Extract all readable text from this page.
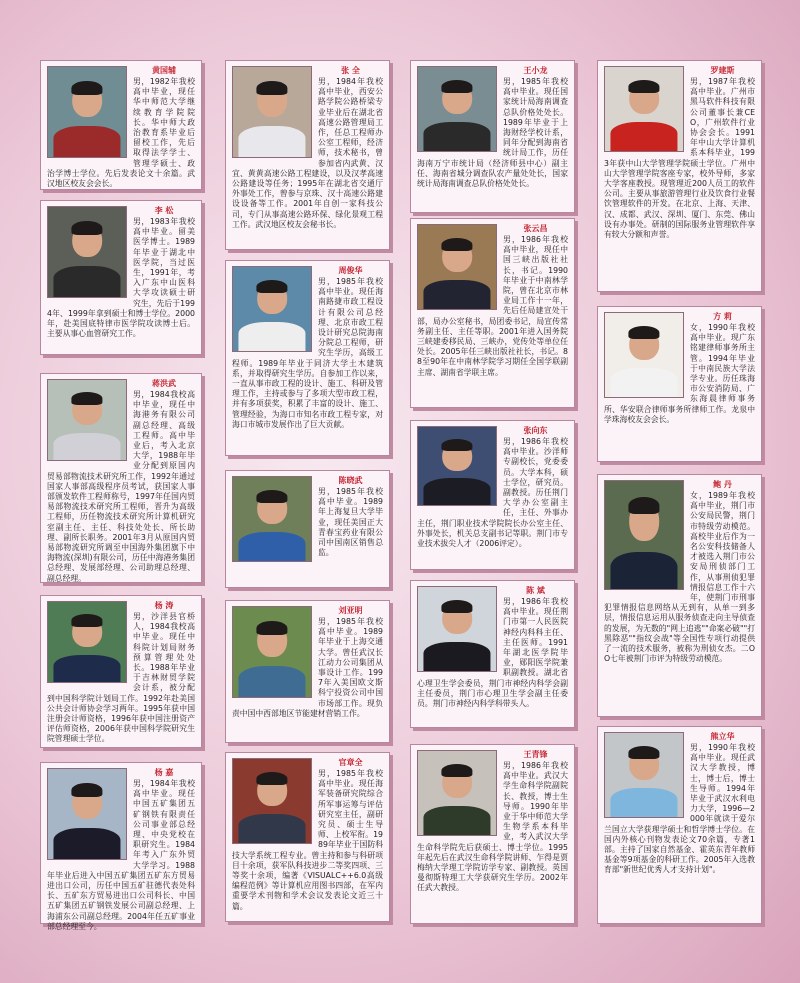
黄国辅

男，1982年我校高中毕业，现任华中师范大学继续教育学院院长。华中师大政治教育系毕业后留校工作，先后取得法学学士、管理学硕士、政治学博士学位。先后发表论文十余篇。武汉地区校友会会长。

李 松

男，1983年我校高中毕业。留美医学博士。1989年毕业于湖北中医学院，当过医生，1991年，考入广东中山医科大学攻读硕士研究生，先后于1994年、1999年拿到硕士和博士学位。2000年，赴美国底特律市医学院攻读博士后。主要从事心血管研究工作。

蒋洪武

男，1984我校高中毕业，现任中海港务有限公司副总经理、高级工程师。高中毕业后，考入北京大学，1988年毕业分配到原国内贸易部物流技术研究所工作，1992年通过国家人事部高级程序员考试，获国家人事部颁发软件工程师称号，1997年任国内贸易部物流技术研究所工程师，晋升为高级工程师，历任物流技术研究所计算机研究室副主任、主任、科技处处长、所长助理、副所长职务。2001年3月从原国内贸易部物流研究所调至中国海外集团旗下中海物流(深圳)有限公司，历任中海港务集团总经理、发展部经理、公司助理总经理、副总经理。

杨 涛

男，沙洋县官桥人，1984我校高中毕业。现任中科院计划局财务预算管理处处长。1988年毕业于吉林财贸学院会计系，被分配到中国科学院计划局工作。1992年赴美国公共会计师协会学习两年。1995年获中国注册会计师资格，1996年获中国注册资产评估师资格，2006年获中国科学院研究生院管理硕士学位。

杨 嘉

男，1984年我校高中毕业。现任中国五矿集团五矿钢铁有限责任公司事业部总经理、中央党校在职研究生。1984年考入广东外贸大学学习。1988年毕业后进入中国五矿集团五矿东方贸易进出口公司，历任中国五矿驻德代表处科长、五矿东方贸易进出口公司科长、中国五矿集团五矿钢铁发展公司副总经理、上海浦东公司副总经理。2004年任五矿事业部总经理至今。

张 全

男，1984年我校高中毕业，西安公路学院公路桥梁专业毕业后在湖北省高速公路管理局工作，任总工程师办公室工程师，经济师，技术秘书，曾参加省内武黄、汉宜、黄黄高速公路工程建设，以及汉孝高速公路建设等任务；1995年在湖北省交通厅外事处工作，曾参与京珠、汉十高速公路建设设备等工作。2001年自创一家科技公司，专门从事高速公路环保、绿化景观工程工作。武汉地区校友会秘书长。

周俊华

男，1985年我校高中毕业。现任海南路捷市政工程设计有限公司总经理、北京市政工程设计研究总院海南分院总工程师，研究生学历，高级工程师。1989年毕业于同济大学土木建筑系，并取得研究生学历。自参加工作以来，一直从事市政工程的设计、施工、科研及管理工作，主持或参与了多项大型市政工程，并有多项获奖，积累了丰富的设计、施工、管理经验，为海口市知名市政工程专家，对海口市城市发展作出了巨大贡献。

陈晓武

男，1985年我校高中毕业。1989年上海复旦大学毕业，现任美国正大青春宝药业有限公司中国南区销售总监。

刘亚明

男，1985年我校高中毕业。1989年毕业于上海交通大学。曾任武汉长江动力公司集团从事设计工作。1997年入美国欧文斯科宁投资公司中国市场部工作。现负责中国中西部地区节能建材营销工作。

官章全

男，1985年我校高中毕业。现任海军装备研究院综合所军事运筹与评估研究室主任，副研究员、硕士生导师、上校军衔。1989年毕业于国防科技大学系统工程专业。曾主持和参与科研项目十余项，获军队科技进步二等奖四项、三等奖十余项，编著《VISUALC++6.0高级编程范例》等计算机应用图书四部，在军内重要学术刊物和学术会议发表论文近三十篇。

王小龙

男，1985年我校高中毕业。现任国家统计局海南调查总队价格处处长。1989年毕业于上海财经学校计系，同年分配到海南省统计局工作，历任海南万宁市统计局（经济师县中心）副主任、海南省城分调查队农产量处处长，国家统计局海南调查总队价格处处长。

张云昌

男，1986年我校高中毕业，现任中国三峡出版社社长，书记。1990年毕业于中南林学院，曾在北京市林业局工作十一年，先后任局建宣处干部，局办公室秘书，局团委书记，局宣传常务副主任、主任等职。2001年进入国务院三峡建委移民局、三峡办，党传处等单位任处长。2005年任三峡出版社社长，书记。88至90年在中南林学院学习期任全国学联副主席、湖南省学联主席。

张向东

男，1986年我校高中毕业。沙洋师专副校长，党委委员。大学本科，硕士学位，研究员。副教授。历任荆门大学办公室副主任，主任、外事办主任，荆门职业技术学院院长办公室主任、外事处长，机关总支副书记等职。荆门市专业技术拔尖人才（2006评定）。

陈 斌

男，1986年我校高中毕业。现任荆门市第一人民医院神经内科科主任、主任医师。1991年湖北医学院毕业，郧阳医学院兼职副教授。湖北省心理卫生学会委员，荆门市神经内科学会副主任委员，荆门市心理卫生学会副主任委员。荆门市神经内科学科带头人。

王青锋

男，1986年我校高中毕业。武汉大学生命科学院副院长、教授，博士生导师。1990年毕业于华中师范大学生物学系本科毕业，考入武汉大学生命科学院先后获硕士、博士学位。1995年起先后在武汉生命科学院讲师、乍得是贾梅纳大学理工学院访学专家、副教授。英国曼彻斯特理工大学获研究生学历。2002年任武大教授。

罗建斯

男，1987年我校高中毕业。广州市黑马软件科技有限公司董事长兼CEO，广州软件行业协会会长。1991年中山大学计算机系本科毕业，1993年获中山大学管理学院硕士学位。广州中山大学管理学院客座专家，校外导师，多家大学客座教授。现管理近200人员工的软件公司。主要从事旅游管理行业及饮食行业餐饮管理软件的开发。在北京、上海、天津、汉、成都、武汉、深圳、厦门、东莞、佛山设有办事处。研制的国际服务业管理软件享有较大分额和声誉。

方 莉

女，1990年我校高中毕业。现广东铭建律师事务所主管。1994年毕业于中南民族大学法学专业。历任珠海市公安消防局、广东海晨律师事务所、华安联合律师事务所律师工作。龙泉中学珠海校友会会长。

鲍 丹

女，1989年我校高中毕业，荆门市公安局民警，荆门市特级劳动模范。高校毕业后作为一名公安科技储备人才被选入荆门市公安局刑侦部门工作，从事刑侦犯罪情报信息工作十六年，使荆门市刑事犯罪情报信息网络从无到有，从单一到多层，情报信息运用从服务侦查走向主导侦查的发展，为无数的"网上追逃""命案必破""打黑除恶""指纹会战"等全国性专项行动提供了一流的技术服务，被称为刑侦女杰。二OO七年被荆门市评为特级劳动模范。

熊立华

男，1990年我校高中毕业。现任武汉大学教授，博士，博士后，博士生导师。1994年毕业于武汉水利电力大学，1996—2000年就读于爱尔兰国立大学获理学硕士和哲学博士学位。在国内外核心刊物发表论文70余篇，专著1部。主持了国家自然基金、霍英东青年教师基金等9项基金的科研工作。2005年入选教育部"新世纪优秀人才支持计划"。
